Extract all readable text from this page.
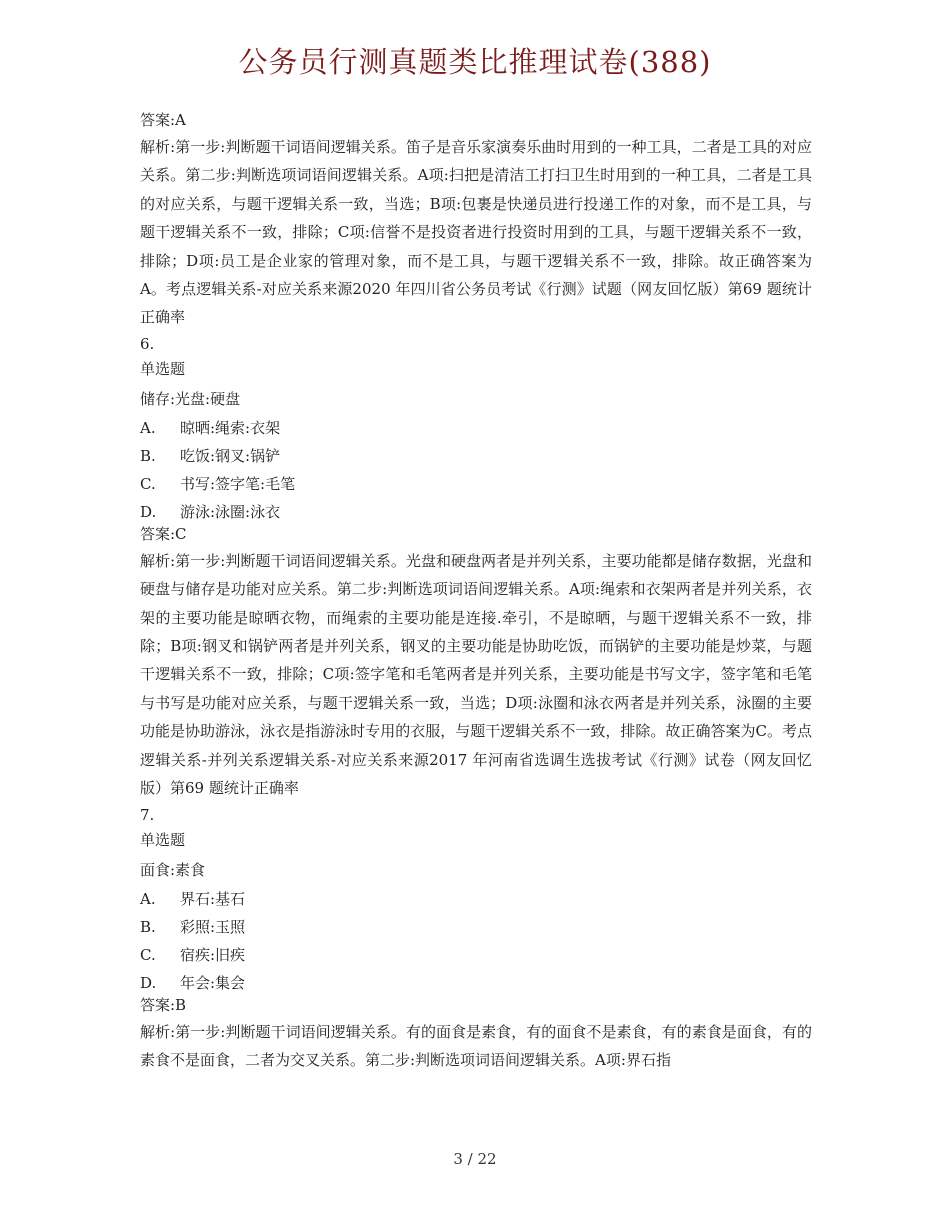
公务员行测真题类比推理试卷(388)

答案:A

解析:第一步:判断题干词语间逻辑关系。笛子是音乐家演奏乐曲时用到的一种工具，二者是工具的对应关系。第二步:判断选项词语间逻辑关系。A项:扫把是清洁工打扫卫生时用到的一种工具，二者是工具的对应关系，与题干逻辑关系一致，当选；B项:包裹是快递员进行投递工作的对象，而不是工具，与题干逻辑关系不一致，排除；C项:信誉不是投资者进行投资时用到的工具，与题干逻辑关系不一致，排除；D项:员工是企业家的管理对象，而不是工具，与题干逻辑关系不一致，排除。故正确答案为A。考点逻辑关系-对应关系来源2020 年四川省公务员考试《行测》试题（网友回忆版）第69 题统计正确率

6.

单选题

储存:光盘:硬盘

A. 晾晒:绳索:衣架
B. 吃饭:钢叉:锅铲
C. 书写:签字笔:毛笔
D. 游泳:泳圈:泳衣

答案:C

解析:第一步:判断题干词语间逻辑关系。光盘和硬盘两者是并列关系，主要功能都是储存数据，光盘和硬盘与储存是功能对应关系。第二步:判断选项词语间逻辑关系。A项:绳索和衣架两者是并列关系，衣架的主要功能是晾晒衣物，而绳索的主要功能是连接.牵引，不是晾晒，与题干逻辑关系不一致，排除；B项:钢叉和锅铲两者是并列关系，钢叉的主要功能是协助吃饭，而锅铲的主要功能是炒菜，与题干逻辑关系不一致，排除；C项:签字笔和毛笔两者是并列关系，主要功能是书写文字，签字笔和毛笔与书写是功能对应关系，与题干逻辑关系一致，当选；D项:泳圈和泳衣两者是并列关系，泳圈的主要功能是协助游泳，泳衣是指游泳时专用的衣服，与题干逻辑关系不一致，排除。故正确答案为C。考点逻辑关系-并列关系逻辑关系-对应关系来源2017 年河南省选调生选拔考试《行测》试卷（网友回忆版）第69 题统计正确率

7.

单选题

面食:素食

A. 界石:基石
B. 彩照:玉照
C. 宿疾:旧疾
D. 年会:集会

答案:B

解析:第一步:判断题干词语间逻辑关系。有的面食是素食，有的面食不是素食，有的素食是面食，有的素食不是面食，二者为交叉关系。第二步:判断选项词语间逻辑关系。A项:界石指

3 / 22
